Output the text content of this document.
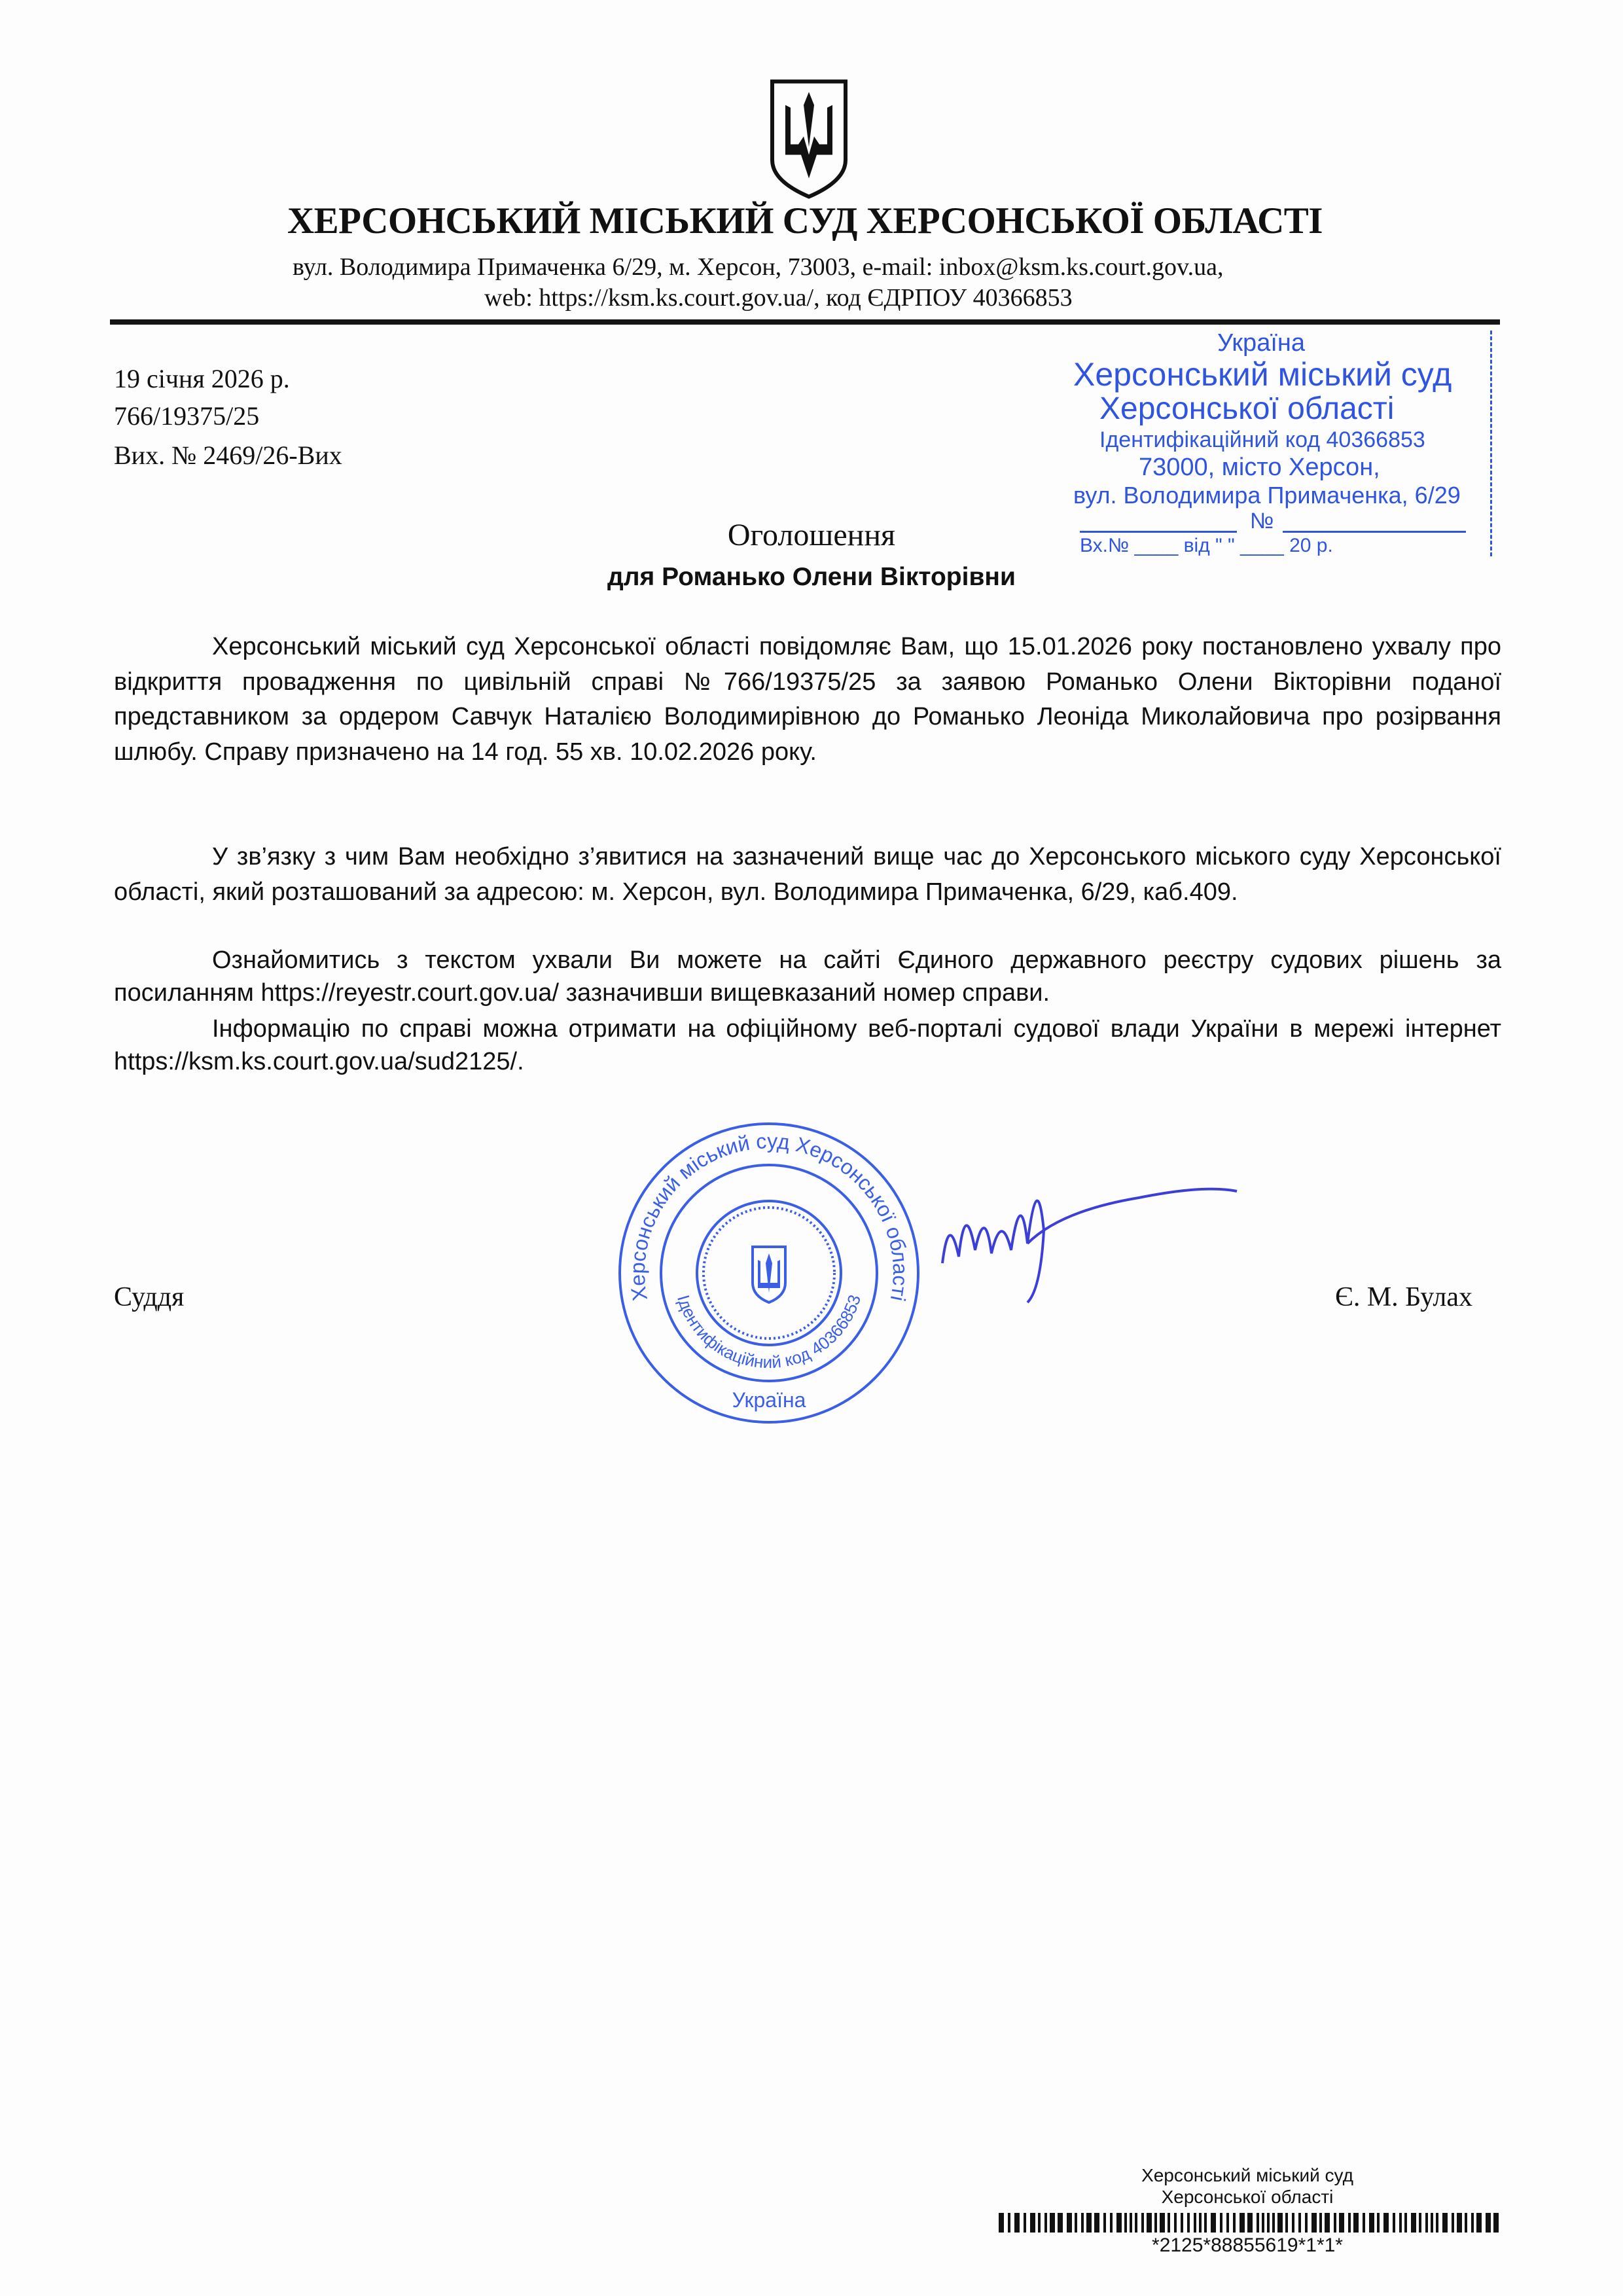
ХЕРСОНСЬКИЙ МІСЬКИЙ СУД ХЕРСОНСЬКОЇ ОБЛАСТІ
вул. Володимира Примаченка 6/29, м. Херсон, 73003, e-mail: inbox@ksm.ks.court.gov.ua,
web: https://ksm.ks.court.gov.ua/, код ЄДРПОУ 40366853
Україна
Херсонський міський суд
Херсонської області
Ідентифікаційний код 40366853
73000, місто Херсон,
вул. Володимира Примаченка, 6/29
№
Вх.№ ____ від " " ____ 20 р.
19 січня 2026 р.
766/19375/25
Вих. № 2469/26-Вих
Оголошення
для Романько Олени Вікторівни
Херсонський міський суд Херсонської області повідомляє Вам, що 15.01.2026 року постановлено ухвалу про відкриття провадження по цивільній справі №766/19375/25 за заявою Романько Олени Вікторівни поданої представником за ордером Савчук Наталією Володимирівною до Романько Леоніда Миколайовича про розірвання шлюбу. Справу призначено на 14 год. 55 хв. 10.02.2026 року.
У зв’язку з чим Вам необхідно з’явитися на зазначений вище час до Херсонського міського суду Херсонської області, який розташований за адресою: м. Херсон, вул. Володимира Примаченка, 6/29, каб.409.
Ознайомитись з текстом ухвали Ви можете на сайті Єдиного державного реєстру судових рішень за посиланням https://reyestr.court.gov.ua/ зазначивши вищевказаний номер справи.
Інформацію по справі можна отримати на офіційному веб-порталі судової влади України в мережі інтернет https://ksm.ks.court.gov.ua/sud2125/.
Херсонський міський суд Херсонської області
Ідентифікаційний код 40366853
Україна
Суддя	Є. М. Булах
Херсонський міський суд
Херсонської області
*2125*88855619*1*1*
